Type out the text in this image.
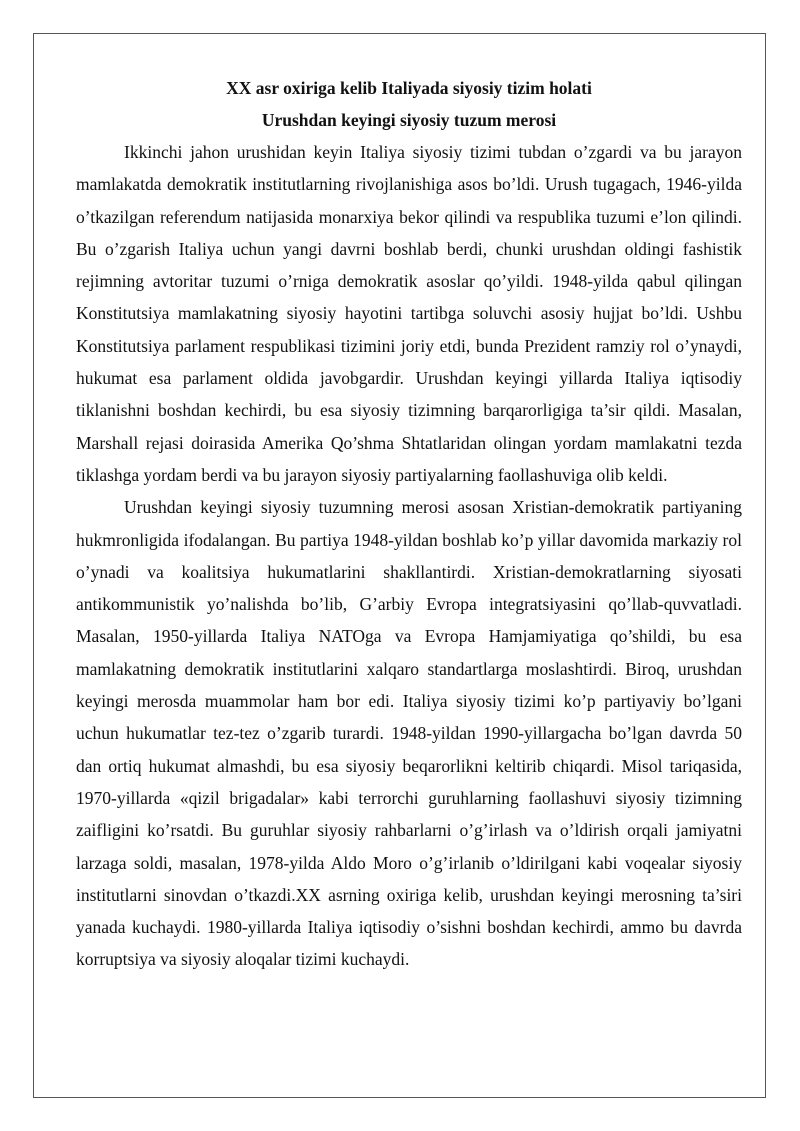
XX asr oxiriga kelib Italiyada siyosiy tizim holati
Urushdan keyingi siyosiy tuzum merosi

Ikkinchi jahon urushidan keyin Italiya siyosiy tizimi tubdan o’zgardi va bu jarayon mamlakatda demokratik institutlarning rivojlanishiga asos bo’ldi. Urush tugagach, 1946-yilda o’tkazilgan referendum natijasida monarxiya bekor qilindi va respublika tuzumi e’lon qilindi. Bu o’zgarish Italiya uchun yangi davrni boshlab berdi, chunki urushdan oldingi fashistik rejimning avtoritar tuzumi o’rniga demokratik asoslar qo’yildi. 1948-yilda qabul qilingan Konstitutsiya mamlakatning siyosiy hayotini tartibga soluvchi asosiy hujjat bo’ldi. Ushbu Konstitutsiya parlament respublikasi tizimini joriy etdi, bunda Prezident ramziy rol o’ynaydi, hukumat esa parlament oldida javobgardir. Urushdan keyingi yillarda Italiya iqtisodiy tiklanishni boshdan kechirdi, bu esa siyosiy tizimning barqarorligiga ta’sir qildi. Masalan, Marshall rejasi doirasida Amerika Qo’shma Shtatlaridan olingan yordam mamlakatni tezda tiklashga yordam berdi va bu jarayon siyosiy partiyalarning faollashuviga olib keldi.

Urushdan keyingi siyosiy tuzumning merosi asosan Xristian-demokratik partiyaning hukmronligida ifodalangan. Bu partiya 1948-yildan boshlab ko’p yillar davomida markaziy rol o’ynadi va koalitsiya hukumatlarini shakllantirdi. Xristian-demokratlarning siyosati antikommunistik yo’nalishda bo’lib, G’arbiy Evropa integratsiyasini qo’llab-quvvatladi. Masalan, 1950-yillarda Italiya NATOga va Evropa Hamjamiyatiga qo’shildi, bu esa mamlakatning demokratik institutlarini xalqaro standartlarga moslashtirdi. Biroq, urushdan keyingi merosda muammolar ham bor edi. Italiya siyosiy tizimi ko’p partiyaviy bo’lgani uchun hukumatlar tez-tez o’zgarib turardi. 1948-yildan 1990-yillargacha bo’lgan davrda 50 dan ortiq hukumat almashdi, bu esa siyosiy beqarorlikni keltirib chiqardi. Misol tariqasida, 1970-yillarda «qizil brigadalar» kabi terrorchi guruhlarning faollashuvi siyosiy tizimning zaifligini ko’rsatdi. Bu guruhlar siyosiy rahbarlarni o’g’irlash va o’ldirish orqali jamiyatni larzaga soldi, masalan, 1978-yilda Aldo Moro o’g’irlanib o’ldirilgani kabi voqealar siyosiy institutlarni sinovdan o’tkazdi.XX asrning oxiriga kelib, urushdan keyingi merosning ta’siri yanada kuchaydi. 1980-yillarda Italiya iqtisodiy o’sishni boshdan kechirdi, ammo bu davrda korruptsiya va siyosiy aloqalar tizimi kuchaydi.
